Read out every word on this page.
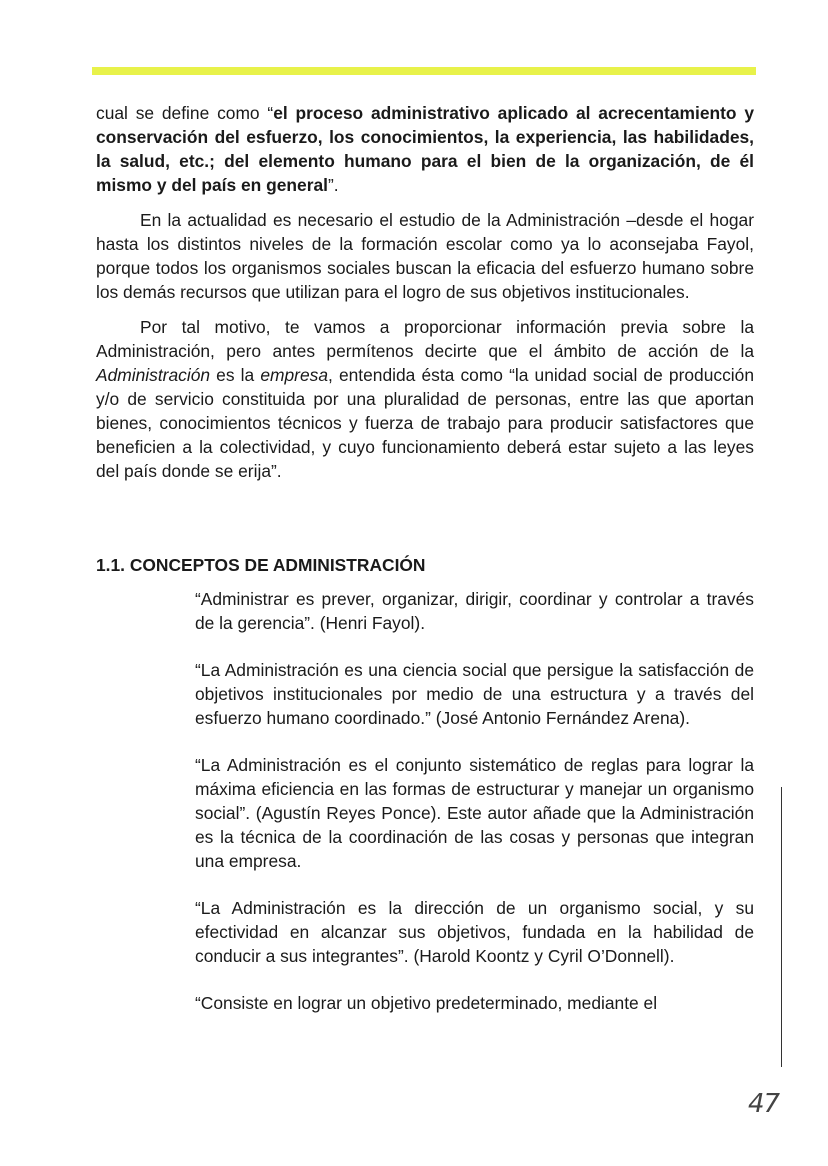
cual se define como “el proceso administrativo aplicado al acrecentamiento y conservación del esfuerzo, los conocimientos, la experiencia, las habilidades, la salud, etc.; del elemento humano para el bien de la organización, de él mismo y del país en general”.

En la actualidad es necesario el estudio de la Administración –desde el hogar hasta los distintos niveles de la formación escolar como ya lo aconsejaba Fayol, porque todos los organismos sociales buscan la eficacia del esfuerzo humano sobre los demás recursos que utilizan para el logro de sus objetivos institucionales.

Por tal motivo, te vamos a proporcionar información previa sobre la Administración, pero antes permítenos decirte que el ámbito de acción de la Administración es la empresa, entendida ésta como “la unidad social de producción y/o de servicio constituida por una pluralidad de personas, entre las que aportan bienes, conocimientos técnicos y fuerza de trabajo para producir satisfactores que beneficien a la colectividad, y cuyo funcionamiento deberá estar sujeto a las leyes del país donde se erija”.

1.1. CONCEPTOS DE ADMINISTRACIÓN

“Administrar es prever, organizar, dirigir, coordinar y controlar a través de la gerencia”. (Henri Fayol).

“La Administración es una ciencia social que persigue la satisfacción de objetivos institucionales por medio de una estructura y a través del esfuerzo humano coordinado.” (José Antonio Fernández Arena).

“La Administración es el conjunto sistemático de reglas para lograr la máxima eficiencia en las formas de estructurar y manejar un organismo social”. (Agustín Reyes Ponce). Este autor añade que la Administración es la técnica de la coordinación de las cosas y personas que integran una empresa.

“La Administración es la dirección de un organismo social, y su efectividad en alcanzar sus objetivos, fundada en la habilidad de conducir a sus integrantes”. (Harold Koontz y Cyril O’Donnell).

“Consiste en lograr un objetivo predeterminado, mediante el

47
